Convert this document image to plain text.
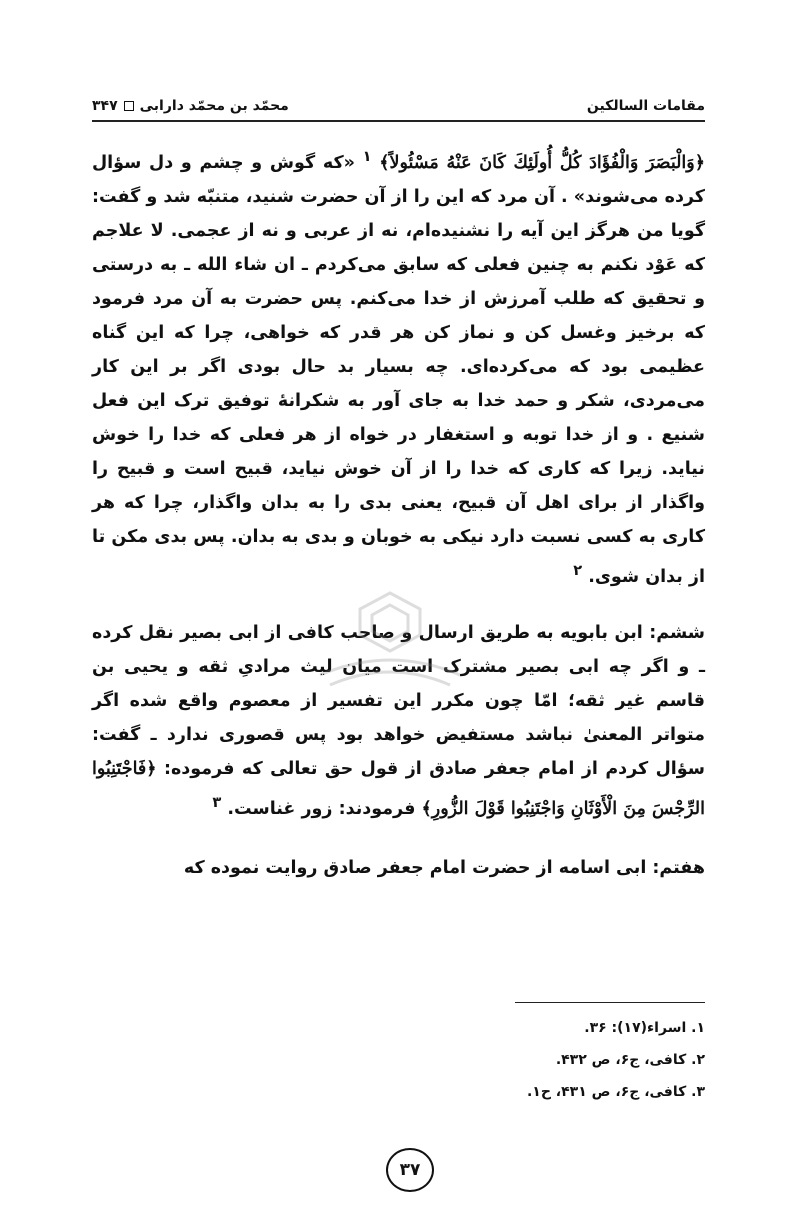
مقامات السالکین
محمّد بن محمّد دارابی
۳۴۷

﴿وَالْبَصَرَ وَالْفُؤَادَ كُلُّ أُولَئِكَ كَانَ عَنْهُ مَسْئُولاً﴾ $^۱$ «که گوش و چشم و دل سؤال کرده می‌شوند» . آن مرد که این را از آن حضرت شنید، متنبّه شد و گفت: گویا من هرگز این آیه را نشنیده‌ام، نه از عربی و نه از عجمی. لا علاجم که عَوْد نکنم به چنین فعلی که سابق می‌کردم ـ ان شاء الله ـ به درستی و تحقیق که طلب آمرزش از خدا می‌کنم. پس حضرت به آن مرد فرمود که برخیز وغسل کن و نماز کن هر قدر که خواهی، چرا که این گناه عظیمی بود که می‌کرده‌ای. چه بسیار بد حال بودی اگر بر این کار می‌مردی، شکر و حمد خدا به جای آور به شکرانهٔ توفیق ترک این فعل شنیع . و از خدا توبه و استغفار در خواه از هر فعلی که خدا را خوش نیاید. زیرا که کاری که خدا را از آن خوش نیاید، قبیح است و قبیح را واگذار از برای اهل آن قبیح، یعنی بدی را به بدان واگذار، چرا که هر کاری به کسی نسبت دارد نیکی به خوبان و بدی به بدان. پس بدی مکن تا از بدان شوی. $^۲$

ششم: ابن بابویه به طریق ارسال و صاحب کافی از ابی بصیر نقل کرده ـ و اگر چه ابی بصیر مشترک است میان لیث مرادیِ ثقه و یحیی بن قاسم غیر ثقه؛ امّا چون مکرر این تفسیر از معصوم واقع شده اگر متواتر المعنیٰ نباشد مستفیض خواهد بود پس قصوری ندارد ـ گفت: سؤال کردم از امام جعفر صادق از قول حق تعالی که فرموده: ﴿فَاجْتَنِبُوا الرِّجْسَ مِنَ الْأَوْثَانِ وَاجْتَنِبُوا قَوْلَ الزُّورِ﴾ فرمودند: زور غناست. $^۳$

هفتم: ابی اسامه از حضرت امام جعفر صادق روایت نموده که

۱. اسراء(۱۷): ۳۶.
۲. کافی، ج۶، ص ۴۳۲.
۳. کافی، ج۶، ص ۴۳۱، ح۱.
۳۷
